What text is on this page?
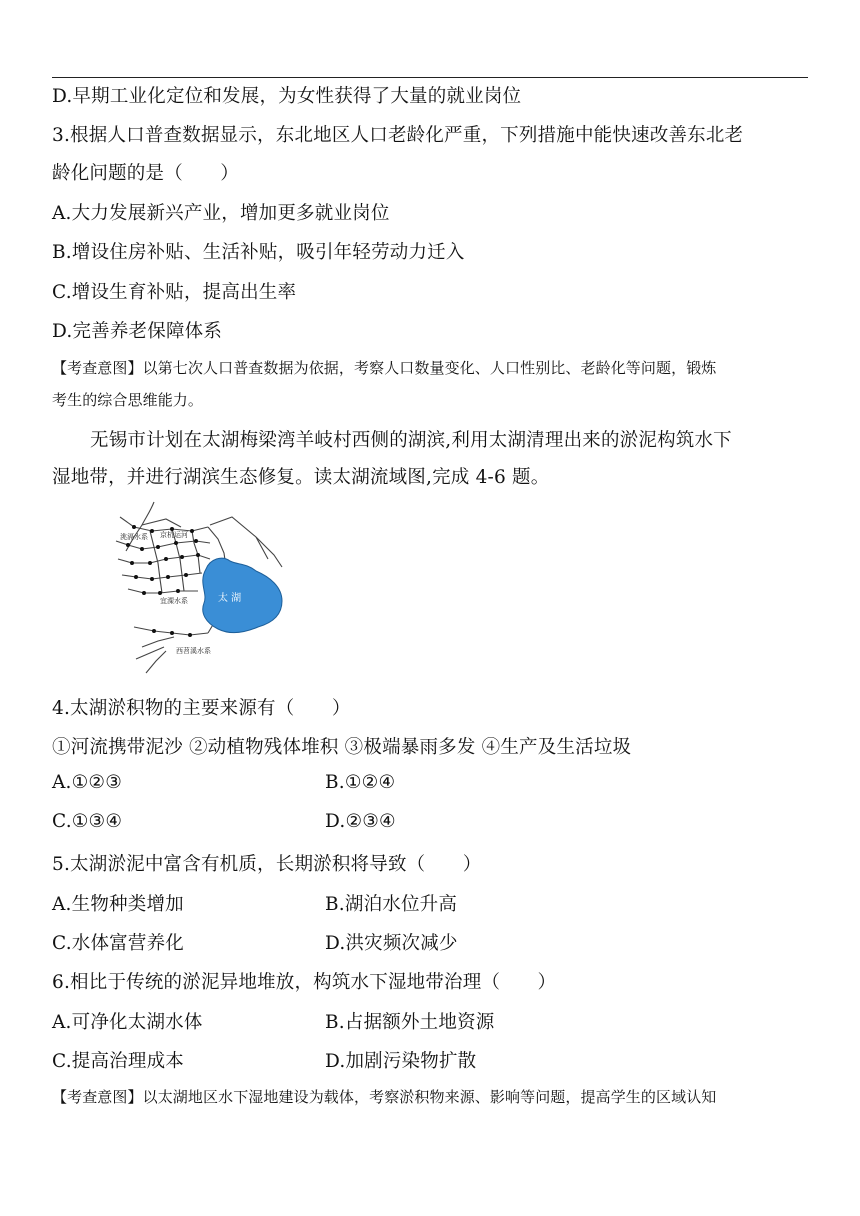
D.早期工业化定位和发展，为女性获得了大量的就业岗位
3.根据人口普查数据显示，东北地区人口老龄化严重，下列措施中能快速改善东北老
龄化问题的是（　　）
A.大力发展新兴产业，增加更多就业岗位
B.增设住房补贴、生活补贴，吸引年轻劳动力迁入
C.增设生育补贴，提高出生率
D.完善养老保障体系
【考查意图】以第七次人口普查数据为依据，考察人口数量变化、人口性别比、老龄化等问题，锻炼
考生的综合思维能力。
无锡市计划在太湖梅梁湾羊岐村西侧的湖滨,利用太湖清理出来的淤泥构筑水下
湿地带，并进行湖滨生态修复。读太湖流域图,完成 4-6 题。
太 湖
洮滆水系 京杭运河
宜溧水系
西苕溪水系
4.太湖淤积物的主要来源有（　　）
①河流携带泥沙 ②动植物残体堆积 ③极端暴雨多发 ④生产及生活垃圾
A.①②③	B.①②④
C.①③④	D.②③④
5.太湖淤泥中富含有机质，长期淤积将导致（　　）
A.生物种类增加	B.湖泊水位升高
C.水体富营养化	D.洪灾频次减少
6.相比于传统的淤泥异地堆放，构筑水下湿地带治理（　　）
A.可净化太湖水体	B.占据额外土地资源
C.提高治理成本	D.加剧污染物扩散
【考查意图】以太湖地区水下湿地建设为载体，考察淤积物来源、影响等问题，提高学生的区域认知
